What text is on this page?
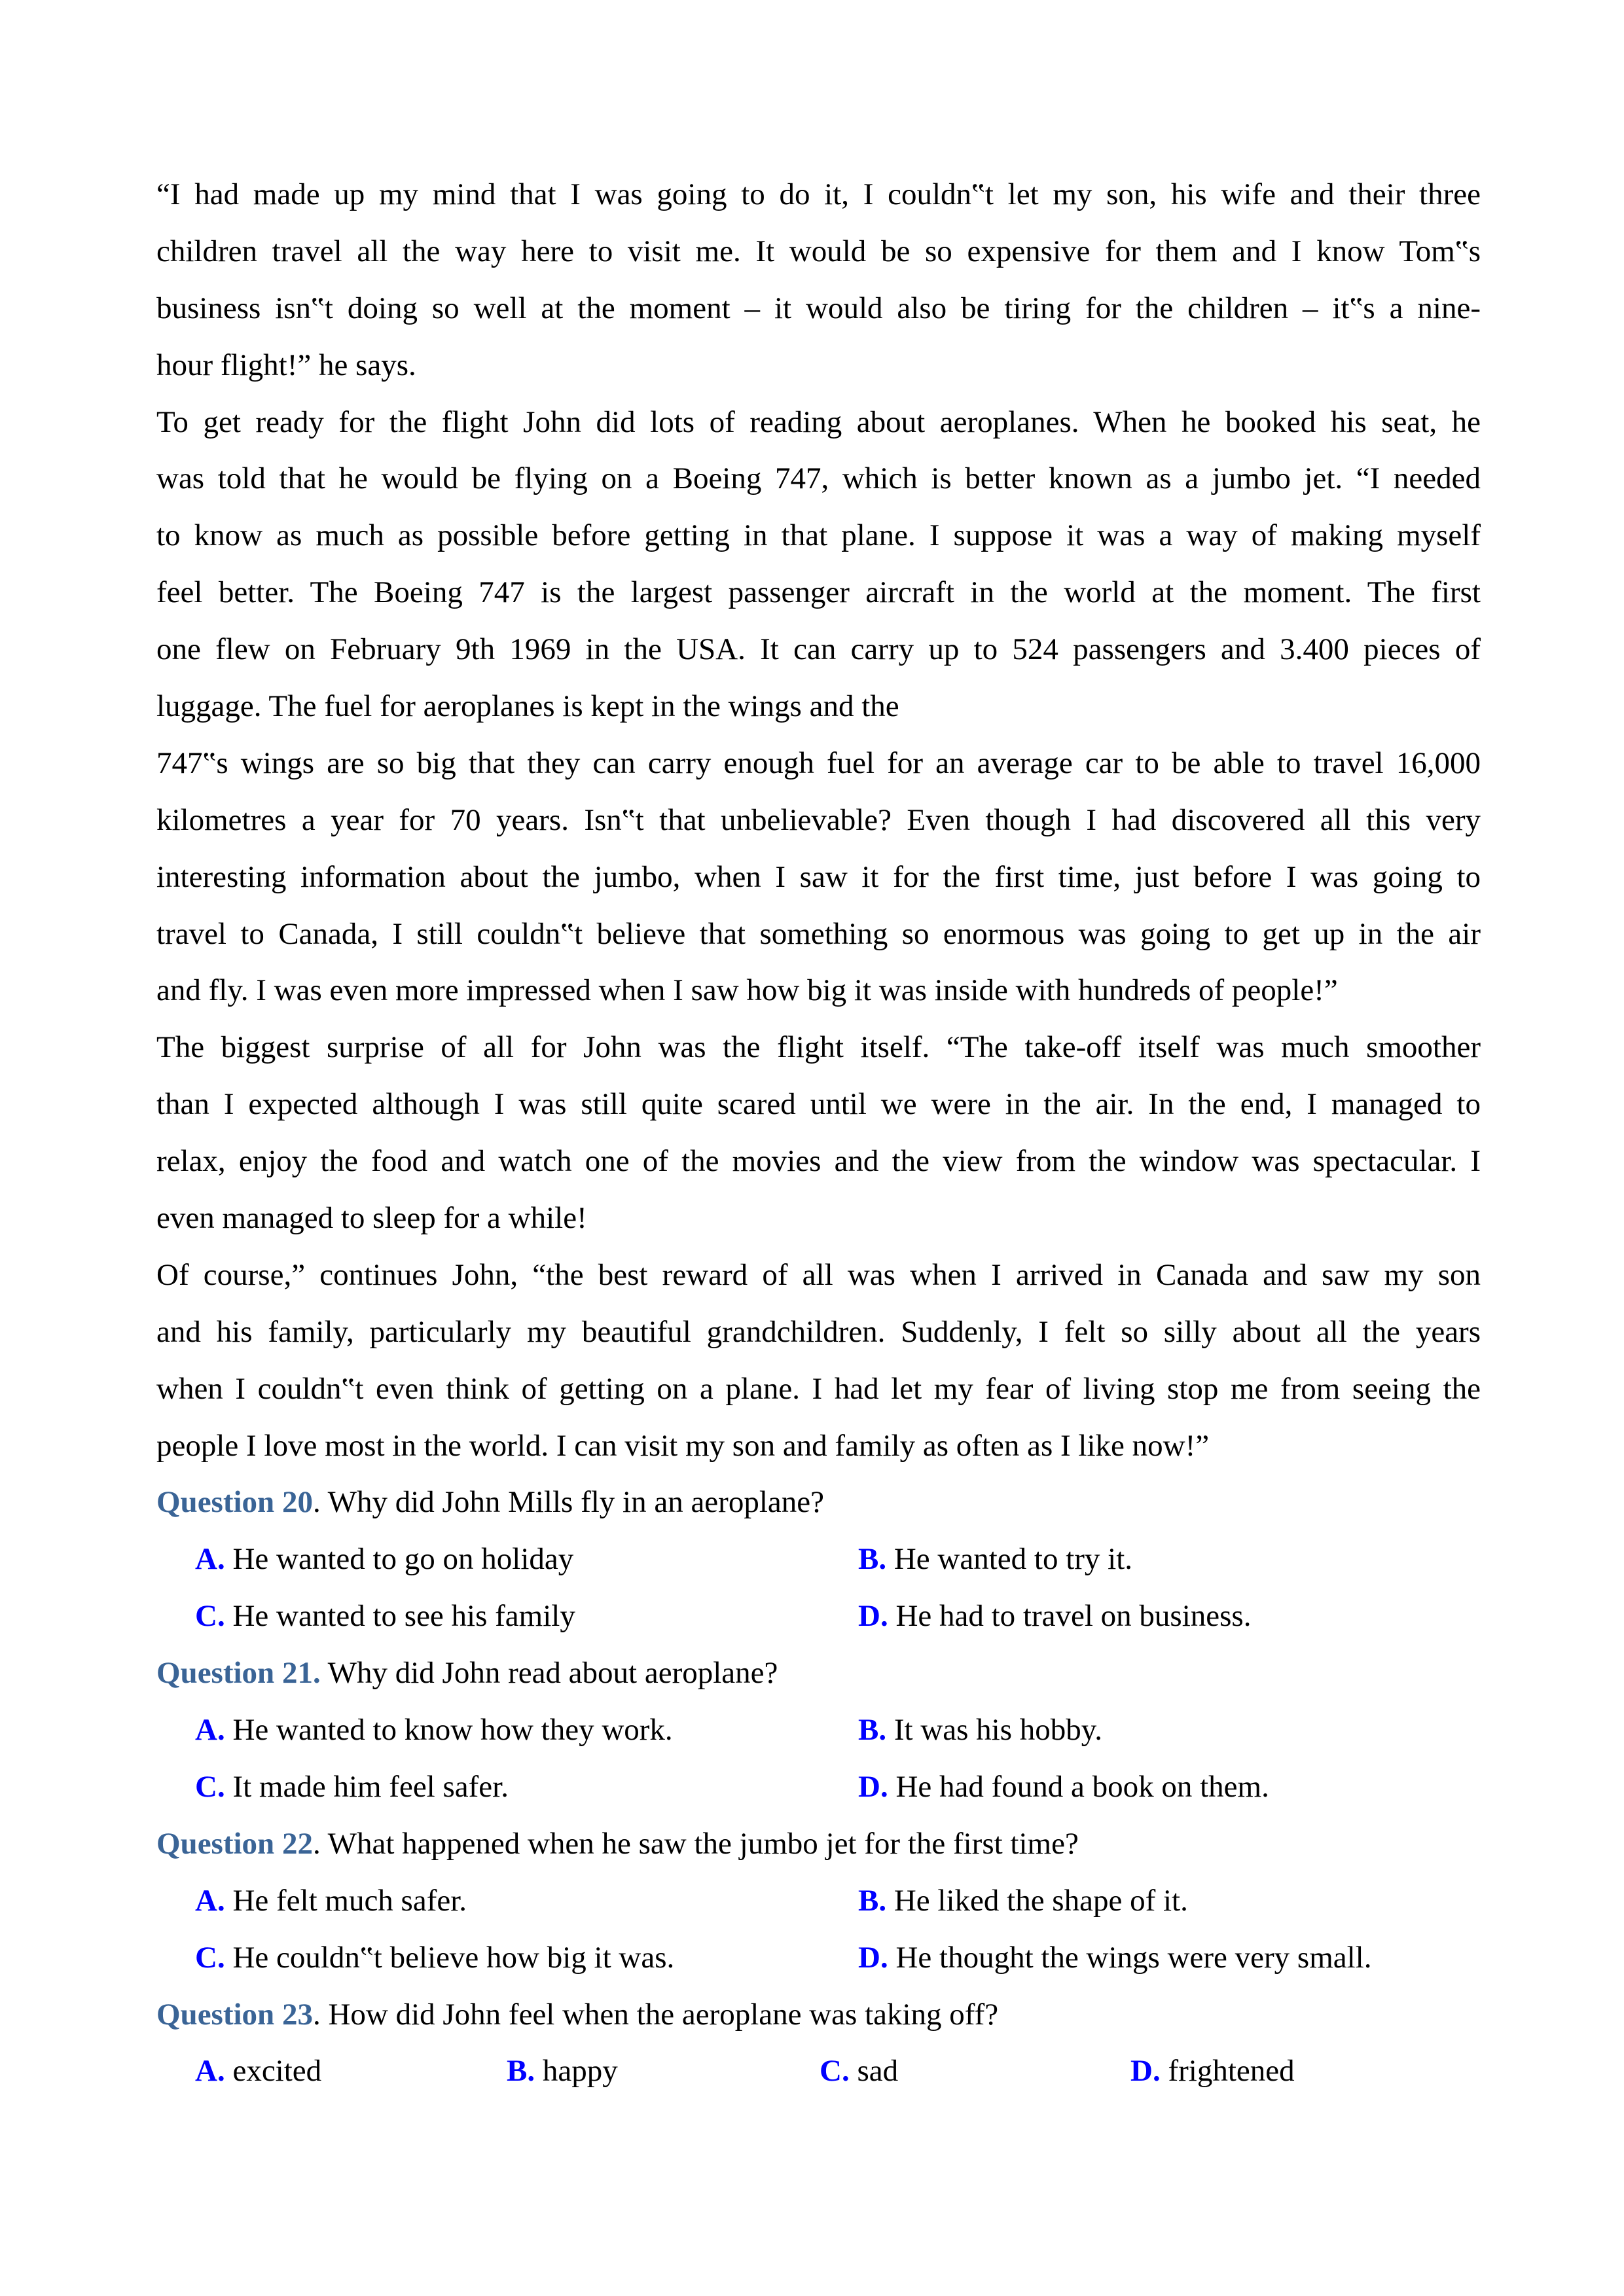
“I had made up my mind that I was going to do it, I couldn‟t let my son, his wife and their three
children travel all the way here to visit me. It would be so expensive for them and I know Tom‟s
business isn‟t doing so well at the moment – it would also be tiring for the children – it‟s a nine-
hour flight!” he says.
To get ready for the flight John did lots of reading about aeroplanes. When he booked his seat, he
was told that he would be flying on a Boeing 747, which is better known as a jumbo jet. “I needed
to know as much as possible before getting in that plane. I suppose it was a way of making myself
feel better. The Boeing 747 is the largest passenger aircraft in the world at the moment. The first
one flew on February 9th 1969 in the USA. It can carry up to 524 passengers and 3.400 pieces of
luggage. The fuel for aeroplanes is kept in the wings and the
747‟s wings are so big that they can carry enough fuel for an average car to be able to travel 16,000
kilometres a year for 70 years. Isn‟t that unbelievable? Even though I had discovered all this very
interesting information about the jumbo, when I saw it for the first time, just before I was going to
travel to Canada, I still couldn‟t believe that something so enormous was going to get up in the air
and fly. I was even more impressed when I saw how big it was inside with hundreds of people!”
The biggest surprise of all for John was the flight itself. “The take-off itself was much smoother
than I expected although I was still quite scared until we were in the air. In the end, I managed to
relax, enjoy the food and watch one of the movies and the view from the window was spectacular. I
even managed to sleep for a while!
Of course,” continues John, “the best reward of all was when I arrived in Canada and saw my son
and his family, particularly my beautiful grandchildren. Suddenly, I felt so silly about all the years
when I couldn‟t even think of getting on a plane. I had let my fear of living stop me from seeing the
people I love most in the world. I can visit my son and family as often as I like now!”
Question 20. Why did John Mills fly in an aeroplane?
A. He wanted to go on holiday	B. He wanted to try it.
C. He wanted to see his family	D. He had to travel on business.
Question 21. Why did John read about aeroplane?
A. He wanted to know how they work.	B. It was his hobby.
C. It made him feel safer.	D. He had found a book on them.
Question 22. What happened when he saw the jumbo jet for the first time?
A. He felt much safer.	B. He liked the shape of it.
C. He couldn‟t believe how big it was.	D. He thought the wings were very small.
Question 23. How did John feel when the aeroplane was taking off?
A. excited	B. happy	C. sad	D. frightened
